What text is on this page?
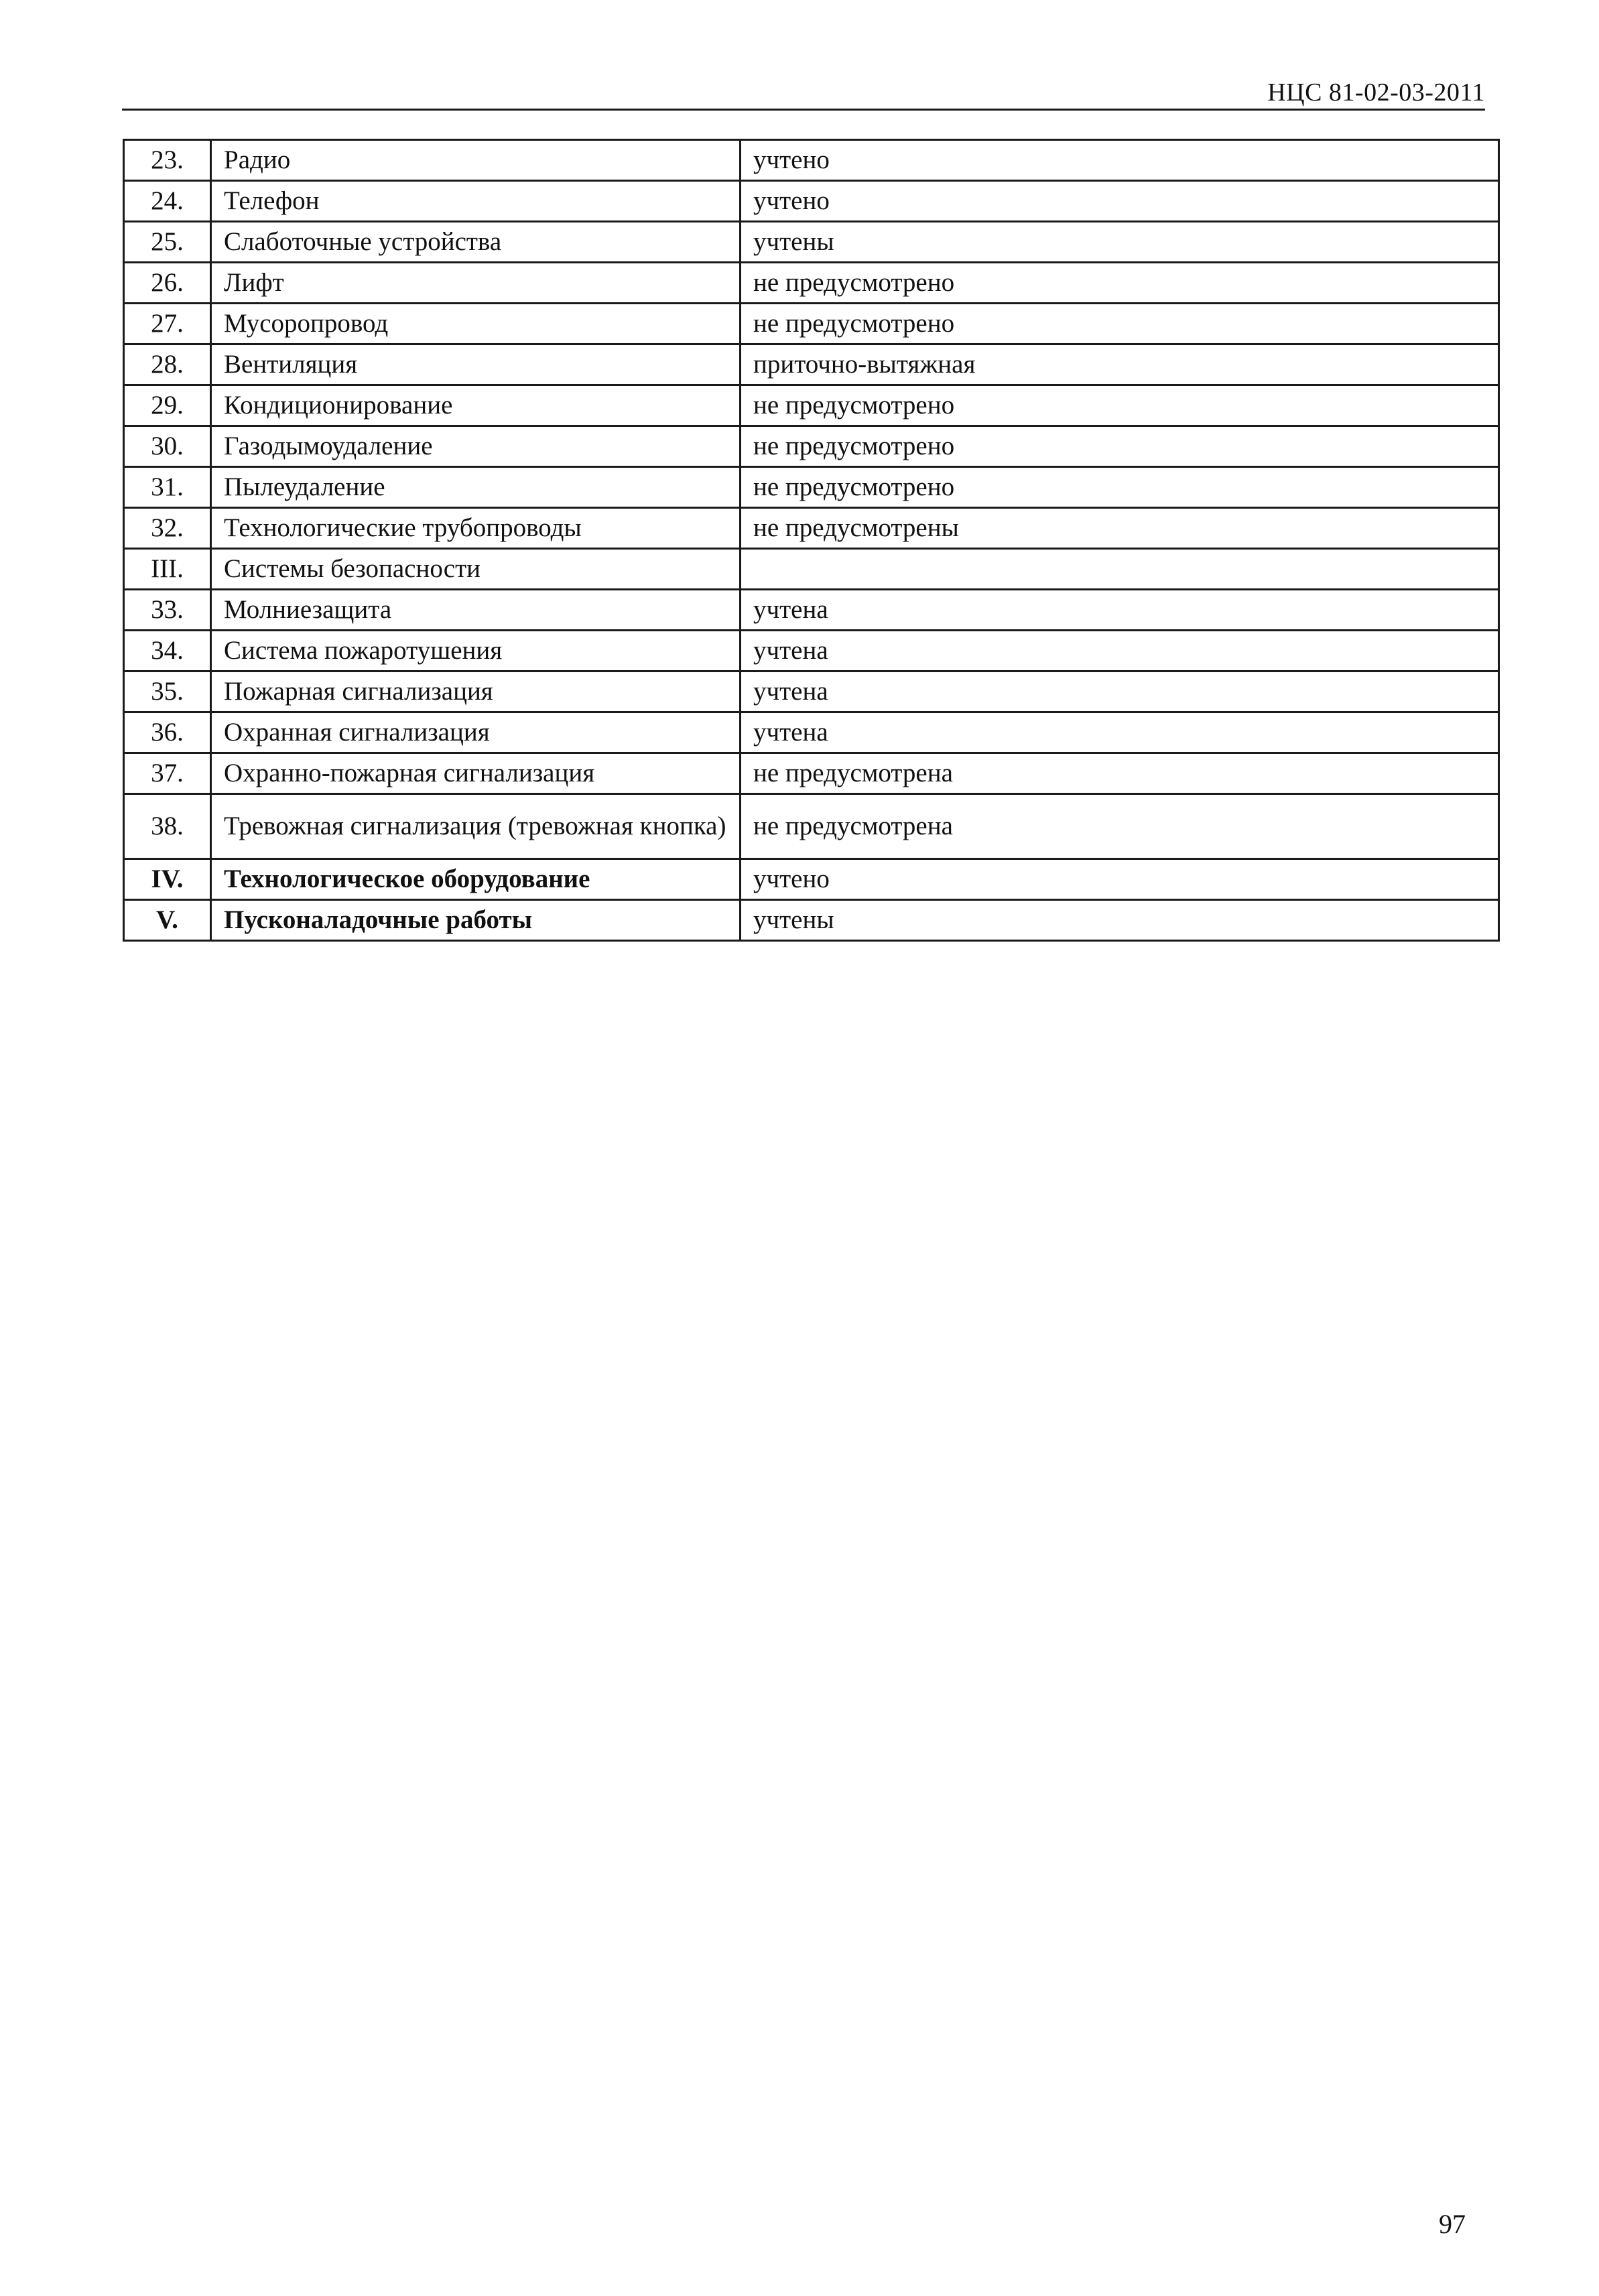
НЦС 81-02-03-2011
23.	Радио	учтено
24.	Телефон	учтено
25.	Слаботочные устройства	учтены
26.	Лифт	не предусмотрено
27.	Мусоропровод	не предусмотрено
28.	Вентиляция	приточно-вытяжная
29.	Кондиционирование	не предусмотрено
30.	Газодымоудаление	не предусмотрено
31.	Пылеудаление	не предусмотрено
32.	Технологические трубопроводы	не предусмотрены
III.	Системы безопасности	
33.	Молниезащита	учтена
34.	Система пожаротушения	учтена
35.	Пожарная сигнализация	учтена
36.	Охранная сигнализация	учтена
37.	Охранно-пожарная сигнализация	не предусмотрена
38.	Тревожная сигнализация (тревожная кнопка)	не предусмотрена
IV.	Технологическое оборудование	учтено
V.	Пусконаладочные работы	учтены
97
